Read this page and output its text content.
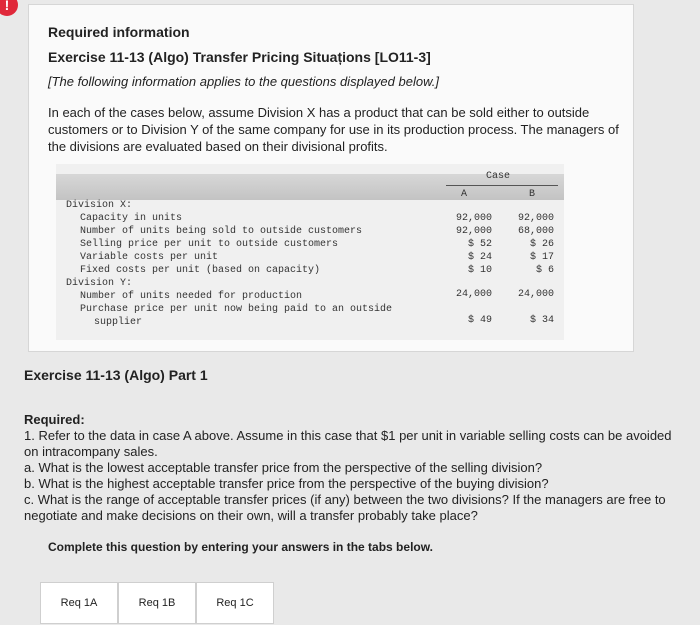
!
Required information
Exercise 11-13 (Algo) Transfer Pricing Situațions [LO11-3]
[The following information applies to the questions displayed below.]
In each of the cases below, assume Division X has a product that can be sold either to outside customers or to Division Y of the same company for use in its production process. The managers of the divisions are evaluated based on their divisional profits.
Case
A	B
Division X:
Capacity in units	92,000	92,000
Number of units being sold to outside customers	92,000	68,000
Selling price per unit to outside customers	$ 52	$ 26
Variable costs per unit	$ 24	$ 17
Fixed costs per unit (based on capacity)	$ 10	$ 6
Division Y:
Number of units needed for production	24,000	24,000
Purchase price per unit now being paid to an outside
supplier	$ 49	$ 34
Exercise 11-13 (Algo) Part 1

Required:

1. Refer to the data in case A above. Assume in this case that $1 per unit in variable selling costs can be avoided on intracompany sales.

a. What is the lowest acceptable transfer price from the perspective of the selling division?

b. What is the highest acceptable transfer price from the perspective of the buying division?

c. What is the range of acceptable transfer prices (if any) between the two divisions? If the managers are free to negotiate and make decisions on their own, will a transfer probably take place?

Complete this question by entering your answers in the tabs below.
Req 1A	Req 1B	Req 1C
